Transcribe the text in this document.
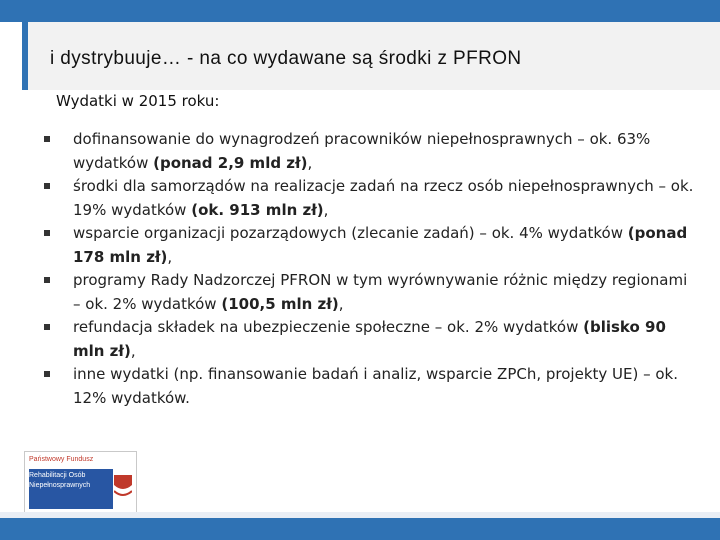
i dystrybuuje… - na co wydawane są środki z PFRON
Wydatki w 2015 roku:
dofinansowanie do wynagrodzeń pracowników niepełnosprawnych – ok. 63% wydatków (ponad 2,9 mld zł),
środki dla samorządów na realizacje zadań na rzecz osób niepełnosprawnych – ok. 19% wydatków (ok. 913 mln zł),
wsparcie organizacji pozarządowych (zlecanie zadań) – ok. 4% wydatków (ponad 178 mln zł),
programy Rady Nadzorczej PFRON w tym wyrównywanie różnic między regionami – ok. 2% wydatków (100,5 mln zł),
refundacja składek na ubezpieczenie społeczne – ok. 2% wydatków (blisko 90 mln zł),
inne wydatki (np. finansowanie badań i analiz, wsparcie ZPCh, projekty UE) – ok. 12% wydatków.
Państwowy Fundusz
Rehabilitacji Osób
Niepełnosprawnych
